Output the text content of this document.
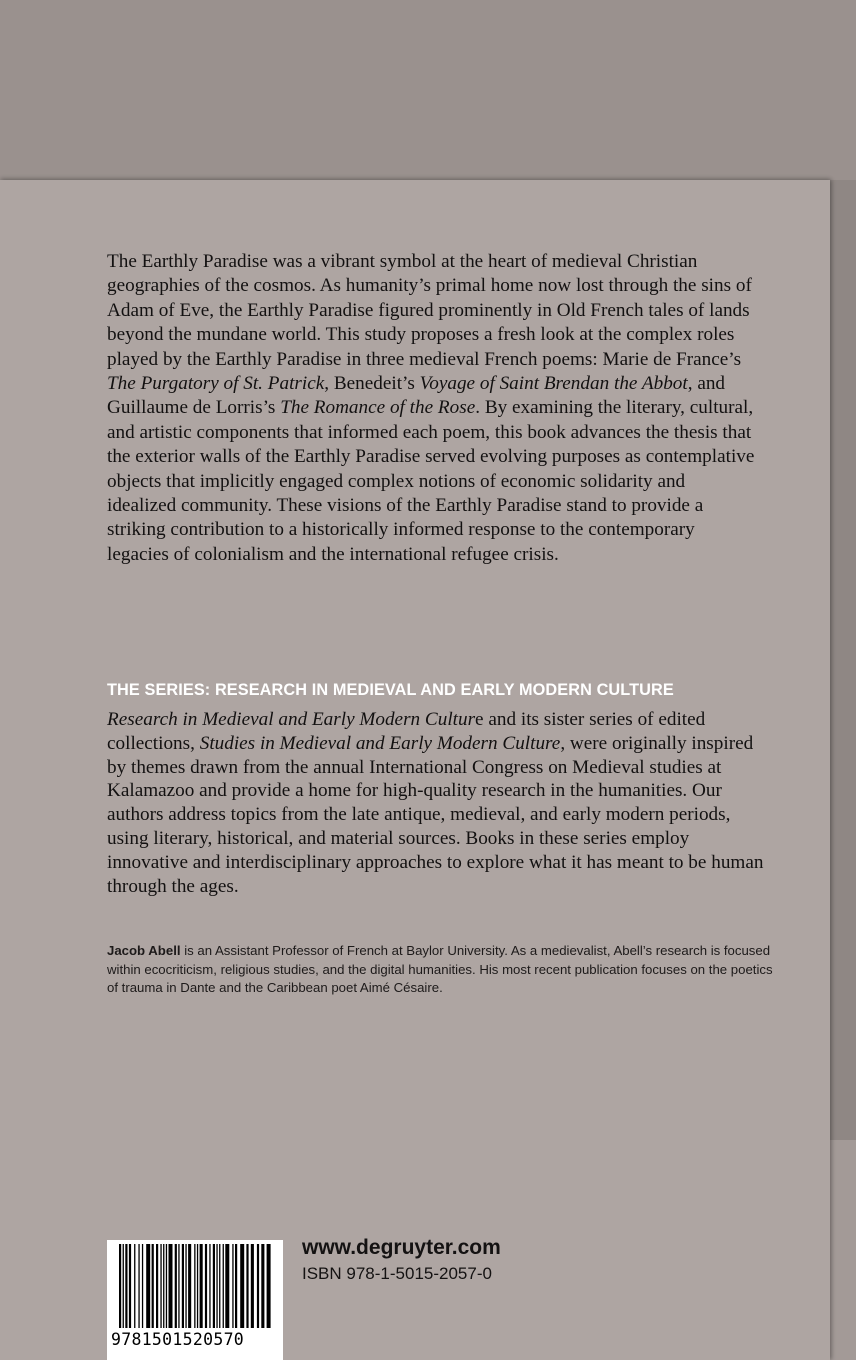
The Earthly Paradise was a vibrant symbol at the heart of medieval Christian geographies of the cosmos. As humanity’s primal home now lost through the sins of Adam of Eve, the Earthly Paradise figured prominently in Old French tales of lands beyond the mundane world. This study proposes a fresh look at the complex roles played by the Earthly Paradise in three medieval French poems: Marie de France’s The Purgatory of St. Patrick, Benedeit’s Voyage of Saint Brendan the Abbot, and Guillaume de Lorris’s The Romance of the Rose. By examining the literary, cultural, and artistic components that informed each poem, this book advances the thesis that the exterior walls of the Earthly Paradise served evolving purposes as contemplative objects that implicitly engaged complex notions of economic solidarity and idealized community. These visions of the Earthly Paradise stand to provide a striking contribution to a historically informed response to the contemporary legacies of colonialism and the international refugee crisis.

THE SERIES: RESEARCH IN MEDIEVAL AND EARLY MODERN CULTURE

Research in Medieval and Early Modern Culture and its sister series of edited collections, Studies in Medieval and Early Modern Culture, were originally inspired by themes drawn from the annual International Congress on Medieval studies at Kalamazoo and provide a home for high-quality research in the humanities. Our authors address topics from the late antique, medieval, and early modern periods, using literary, historical, and material sources. Books in these series employ innovative and interdisciplinary approaches to explore what it has meant to be human through the ages.

Jacob Abell is an Assistant Professor of French at Baylor University. As a medievalist, Abell’s research is focused within ecocriticism, religious studies, and the digital humanities. His most recent publication focuses on the poetics of trauma in Dante and the Caribbean poet Aimé Césaire.

9781501520570

www.degruyter.com

ISBN 978-1-5015-2057-0
